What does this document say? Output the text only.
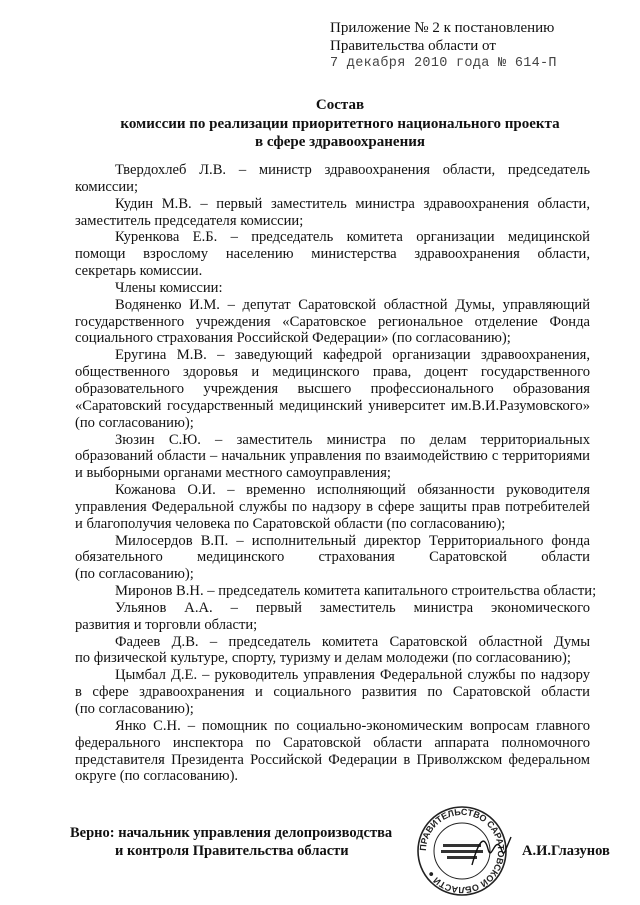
Приложение № 2 к постановлению
Правительства области от
7 декабря 2010 года № 614-П
Состав
комиссии по реализации приоритетного национального проекта
в сфере здравоохранения
Твердохлеб Л.В. – министр здравоохранения области, председатель
комиссии;
Кудин М.В. – первый заместитель министра здравоохранения области,
заместитель председателя комиссии;
Куренкова Е.Б. – председатель комитета организации медицинской
помощи взрослому населению министерства здравоохранения области,
секретарь комиссии.
Члены комиссии:
Водяненко И.М. – депутат Саратовской областной Думы, управляющий
государственного учреждения «Саратовское региональное отделение Фонда
социального страхования Российской Федерации» (по согласованию);
Еругина М.В. – заведующий кафедрой организации здравоохранения,
общественного здоровья и медицинского права, доцент государственного
образовательного учреждения высшего профессионального образования
«Саратовский государственный медицинский университет им.В.И.Разумовского»
(по согласованию);
Зюзин С.Ю. – заместитель министра по делам территориальных
образований области – начальник управления по взаимодействию с территориями
и выборными органами местного самоуправления;
Кожанова О.И. – временно исполняющий обязанности руководителя
управления Федеральной службы по надзору в сфере защиты прав потребителей
и благополучия человека по Саратовской области (по согласованию);
Милосердов В.П. – исполнительный директор Территориального фонда
обязательного медицинского страхования Саратовской области
(по согласованию);
Миронов В.Н. – председатель комитета капитального строительства области;
Ульянов А.А. – первый заместитель министра экономического
развития и торговли области;
Фадеев Д.В. – председатель комитета Саратовской областной Думы
по физической культуре, спорту, туризму и делам молодежи (по согласованию);
Цымбал Д.Е. – руководитель управления Федеральной службы по надзору
в сфере здравоохранения и социального развития по Саратовской области
(по согласованию);
Янко С.Н. – помощник по социально-экономическим вопросам главного
федерального инспектора по Саратовской области аппарата полномочного
представителя Президента Российской Федерации в Приволжском федеральном
округе (по согласованию).
Верно: начальник управления делопроизводства
и контроля Правительства области	А.И.Глазунов
ПРАВИТЕЛЬСТВО САРАТОВСКОЙ ОБЛАСТИ ●
